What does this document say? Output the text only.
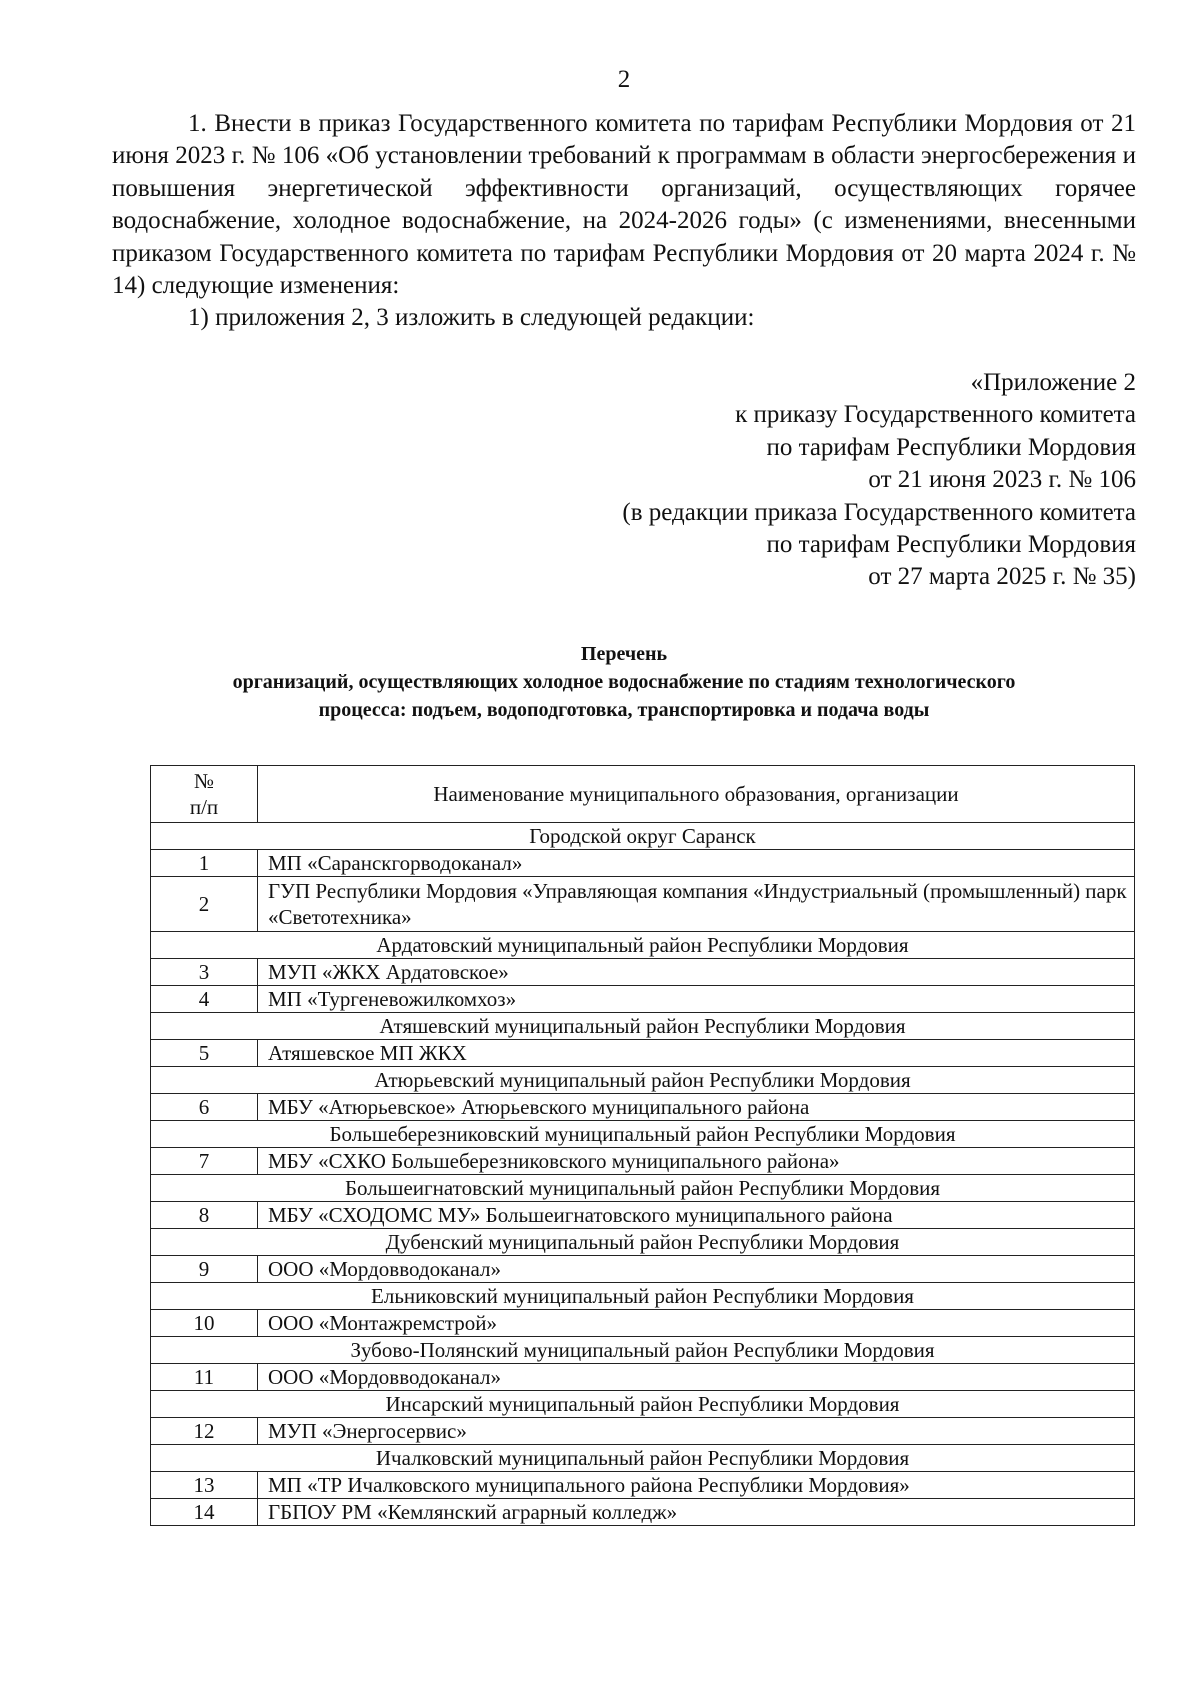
2

1. Внести в приказ Государственного комитета по тарифам Республики Мордовия от 21 июня 2023 г. № 106 «Об установлении требований к программам в области энергосбережения и повышения энергетической эффективности организаций, осуществляющих горячее водоснабжение, холодное водоснабжение, на 2024-2026 годы» (с изменениями, внесенными приказом Государственного комитета по тарифам Республики Мордовия от 20 марта 2024 г. № 14) следующие изменения:

1) приложения 2, 3 изложить в следующей редакции:

«Приложение 2
к приказу Государственного комитета
по тарифам Республики Мордовия
от 21 июня 2023 г. № 106
(в редакции приказа Государственного комитета
по тарифам Республики Мордовия
от 27 марта 2025 г. № 35)
Перечень
организаций, осуществляющих холодное водоснабжение по стадиям технологического
процесса: подъем, водоподготовка, транспортировка и подача воды
№
п/п	Наименование муниципального образования, организации
Городской округ Саранск	
1	МП «Саранскгорводоканал»
2	ГУП Республики Мордовия «Управляющая компания «Индустриальный (промышленный) парк «Светотехника»
Ардатовский муниципальный район Республики Мордовия	
3	МУП «ЖКХ Ардатовское»
4	МП «Тургеневожилкомхоз»
Атяшевский муниципальный район Республики Мордовия	
5	Атяшевское МП ЖКХ
Атюрьевский муниципальный район Республики Мордовия	
6	МБУ «Атюрьевское» Атюрьевского муниципального района
Большеберезниковский муниципальный район Республики Мордовия	
7	МБУ «СХКО Большеберезниковского муниципального района»
Большеигнатовский муниципальный район Республики Мордовия	
8	МБУ «СХОДОМС МУ» Большеигнатовского муниципального района
Дубенский муниципальный район Республики Мордовия	
9	ООО «Мордовводоканал»
Ельниковский муниципальный район Республики Мордовия	
10	ООО «Монтажремстрой»
Зубово-Полянский муниципальный район Республики Мордовия	
11	ООО «Мордовводоканал»
Инсарский муниципальный район Республики Мордовия	
12	МУП «Энергосервис»
Ичалковский муниципальный район Республики Мордовия	
13	МП «ТР Ичалковского муниципального района Республики Мордовия»
14	ГБПОУ РМ «Кемлянский аграрный колледж»
